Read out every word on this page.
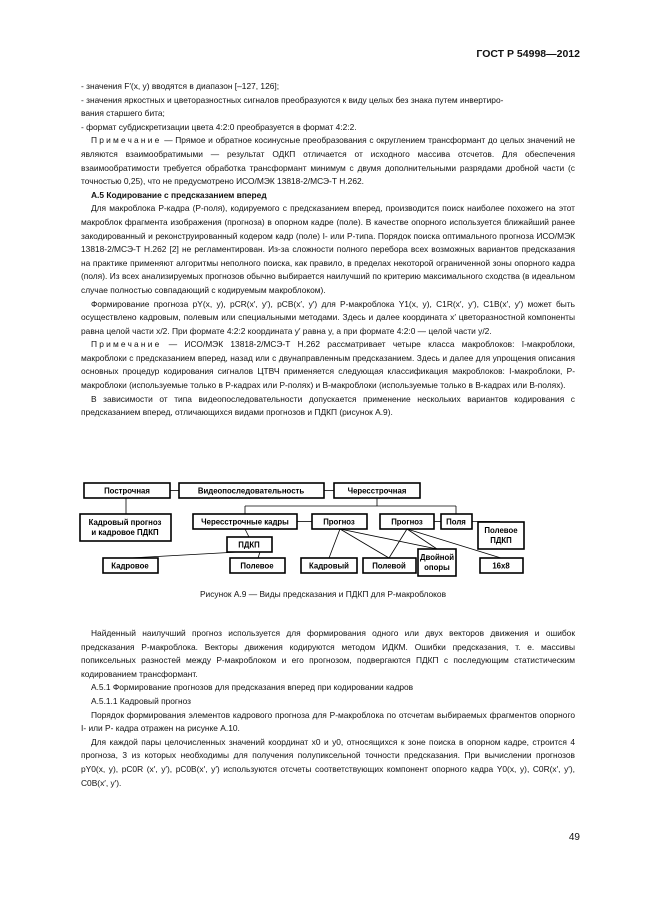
ГОСТ Р 54998—2012

- значения F′(x, y) вводятся в диапазон [–127, 126];

- значения яркостных и цветоразностных сигналов преобразуются к виду целых без знака путем инвертиро-

вания старшего бита;

- формат субдискретизации цвета 4:2:0 преобразуется в формат 4:2:2.

Примечание — Прямое и обратное косинусные преобразования с округлением трансформант до целых значений не являются взаимообратимыми — результат ОДКП отличается от исходного массива отсчетов. Для обеспечения взаимообратимости требуется обработка трансформант минимум с двумя дополнительными разрядами дробной части (с точностью 0,25), что не предусмотрено ИСО/МЭК 13818-2/МСЭ-Т Н.262.

А.5 Кодирование с предсказанием вперед

Для макроблока Р-кадра (Р-поля), кодируемого с предсказанием вперед, производится поиск наиболее похожего на этот макроблок фрагмента изображения (прогноза) в опорном кадре (поле). В качестве опорного используется ближайший ранее закодированный и реконструированный кодером кадр (поле) I- или Р-типа. Порядок поиска оптимального прогноза ИСО/МЭК 13818-2/МСЭ-Т Н.262 [2] не регламентирован. Из-за сложности полного перебора всех возможных вариантов предсказания на практике применяют алгоритмы неполного поиска, как правило, в пределах некоторой ограниченной зоны опорного кадра (поля). Из всех анализируемых прогнозов обычно выбирается наилучший по критерию максимального сходства (в идеальном случае полностью совпадающий с кодируемым макроблоком).

Формирование прогноза рY(x, y), рСR(x′, y′), рСB(x′, y′) для Р-макроблока Y1(x, y), С1R(x′, y′), С1B(x′, y′) может быть осуществлено кадровым, полевым или специальными методами. Здесь и далее координата x′ цветоразностной компоненты равна целой части x/2. При формате 4:2:2 координата y′ равна y, а при формате 4:2:0 — целой части y/2.

Примечание — ИСО/МЭК 13818-2/МСЭ-Т Н.262 рассматривает четыре класса макроблоков: I-макроблоки, макроблоки с предсказанием вперед, назад или с двунаправленным предсказанием. Здесь и далее для упрощения описания основных процедур кодирования сигналов ЦТВЧ применяется следующая классификация макроблоков: I-макроблоки, Р-макроблоки (используемые только в Р-кадрах или Р-полях) и В-макроблоки (используемые только в В-кадрах или В-полях).

В зависимости от типа видеопоследовательности допускается применение нескольких вариантов кодирования с предсказанием вперед, отличающихся видами прогнозов и ПДКП (рисунок А.9).

Построчная	Видеопоследовательность	Чересстрочная
Кадровый прогноз
и кадровое ПДКП
Чересстрочные кадры	Прогноз	Прогноз	Поля
Полевое
ПДКП
ПДКП
Кадровое	Полевое	Кадровый	Полевой
Двойной
опоры	16х8
Рисунок А.9 — Виды предсказания и ПДКП для Р-макроблоков

Найденный наилучший прогноз используется для формирования одного или двух векторов движения и ошибок предсказания Р-макроблока. Векторы движения кодируются методом ИДКМ. Ошибки предсказания, т. е. массивы попиксельных разностей между Р-макроблоком и его прогнозом, подвергаются ПДКП с последующим статистическим кодированием трансформант.

А.5.1 Формирование прогнозов для предсказания вперед при кодировании кадров

А.5.1.1 Кадровый прогноз

Порядок формирования элементов кадрового прогноза для Р-макроблока по отсчетам выбираемых фрагментов опорного I- или Р- кадра отражен на рисунке А.10.

Для каждой пары целочисленных значений координат x0 и y0, относящихся к зоне поиска в опорном кадре, строится 4 прогноза, 3 из которых необходимы для получения полупиксельной точности предсказания. При вычислении прогнозов рY0(x, y), рС0R (x′, y′), рС0B(x′, y′) используются отсчеты соответствующих компонент опорного кадра Y0(x, y), С0R(x′, y′), С0B(x′, y′).

49
